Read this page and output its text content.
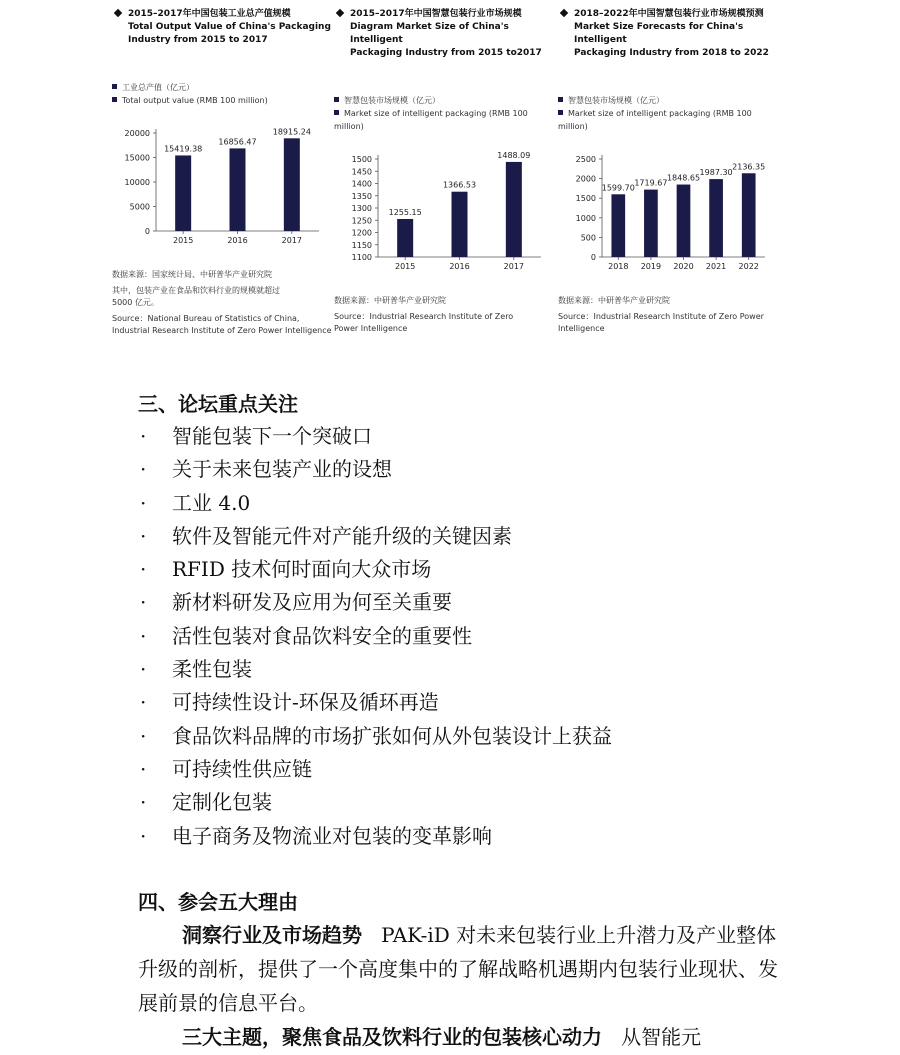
2015–2017年中国包装工业总产值规模
Total Output Value of China's Packaging
Industry from 2015 to 2017
工业总产值（亿元）
Total output value (RMB 100 million)
0
5000
10000
15000
20000
15419.38
2015
16856.47
2016
18915.24
2017

数据来源：国家统计局、中研普华产业研究院

其中，包装产业在食品和饮料行业的规模就超过
5000 亿元。

Source：National Bureau of Statistics of China,
Industrial Research Institute of Zero Power Intelligence

2015–2017年中国智慧包装行业市场规模
Diagram Market Size of China's Intelligent
Packaging Industry from 2015 to2017
智慧包装市场规模（亿元）
Market size of intelligent packaging (RMB 100 million)
1100
1150
1200
1250
1300
1350
1400
1450
1500
1255.15
2015
1366.53
2016
1488.09
2017

数据来源：中研普华产业研究院

Source：Industrial Research Institute of Zero
Power Intelligence

2018–2022年中国智慧包装行业市场规模预测
Market Size Forecasts for China's Intelligent
Packaging Industry from 2018 to 2022
智慧包装市场规模（亿元）
Market size of intelligent packaging (RMB 100 million)
0
500
1000
1500
2000
2500
1599.70
2018
1719.67
2019
1848.65
2020
1987.30
2021
2136.35
2022

数据来源：中研普华产业研究院

Source：Industrial Research Institute of Zero Power
Intelligence

三、论坛重点关注
· 智能包装下一个突破口
· 关于未来包装产业的设想
· 工业 4.0
· 软件及智能元件对产能升级的关键因素
· RFID 技术何时面向大众市场
· 新材料研发及应用为何至关重要
· 活性包装对食品饮料安全的重要性
· 柔性包装
· 可持续性设计-环保及循环再造
· 食品饮料品牌的市场扩张如何从外包装设计上获益
· 可持续性供应链
· 定制化包装
· 电子商务及物流业对包装的变革影响
四、参会五大理由
洞察行业及市场趋势 PAK-iD 对未来包装行业上升潜力及产业整体升级的剖析，提供了一个高度集中的了解战略机遇期内包装行业现状、发展前景的信息平台。
三大主题，聚焦食品及饮料行业的包装核心动力 从智能元
